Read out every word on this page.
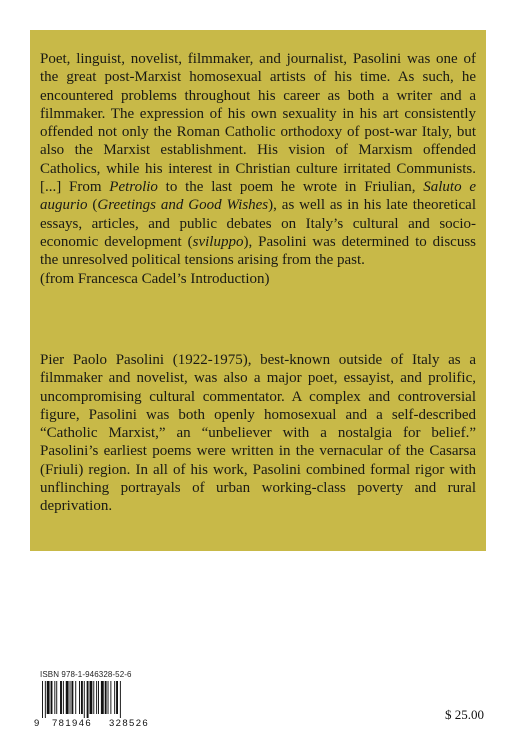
Poet, linguist, novelist, filmmaker, and journalist, Pasolini was one of the great post-Marxist homosexual artists of his time. As such, he encountered problems throughout his career as both a writer and a filmmaker. The expression of his own sexuality in his art consistently offended not only the Roman Catholic orthodoxy of post-war Italy, but also the Marxist establishment. His vision of Marxism offended Catholics, while his interest in Christian culture irritated Communists. [...] From Petrolio to the last poem he wrote in Friulian, Saluto e augurio (Greetings and Good Wishes), as well as in his late theoretical essays, articles, and public debates on Italy’s cultural and socio-economic development (sviluppo), Pasolini was determined to discuss the unresolved political tensions arising from the past.
(from Francesca Cadel’s Introduction)

Pier Paolo Pasolini (1922-1975), best-known outside of Italy as a filmmaker and novelist, was also a major poet, essayist, and prolific, uncompromising cultural commentator. A complex and controversial figure, Pasolini was both openly homosexual and a self-described “Catholic Marxist,” an “unbeliever with a nostalgia for belief.” Pasolini’s earliest poems were written in the vernacular of the Casarsa (Friuli) region. In all of his work, Pasolini combined formal rigor with unflinching portrayals of urban working-class poverty and rural deprivation.

ISBN 978-1-946328-52-6
9 781946 328526
$ 25.00
